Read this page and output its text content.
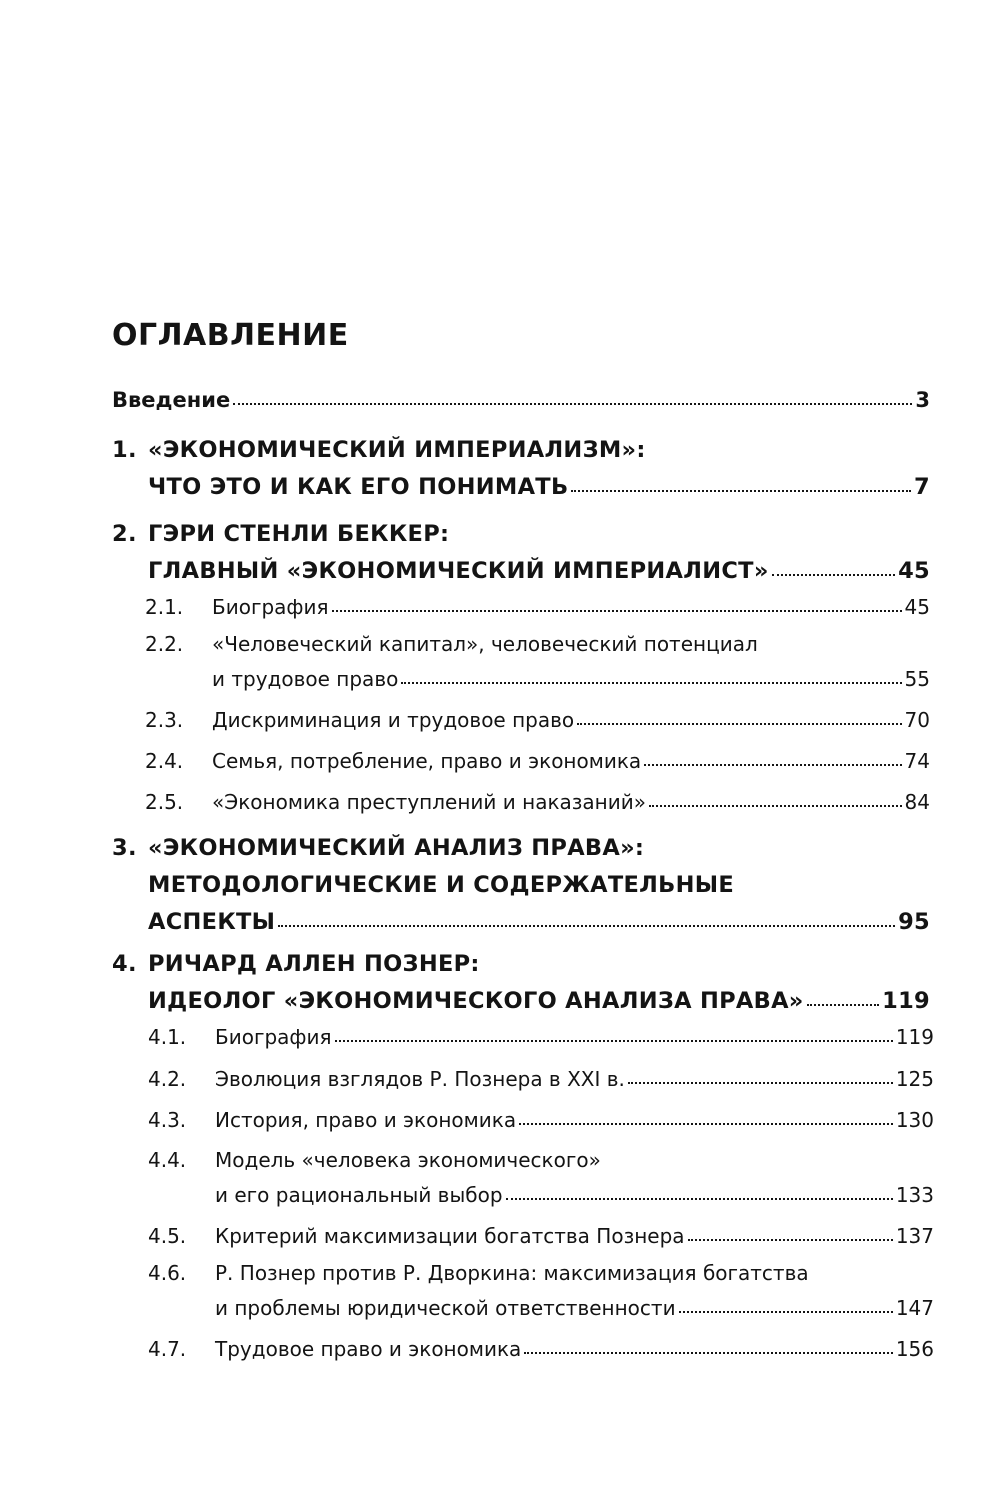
ОГЛАВЛЕНИЕ
Введение	3
1. «ЭКОНОМИЧЕСКИЙ ИМПЕРИАЛИЗМ»:
ЧТО ЭТО И КАК ЕГО ПОНИМАТЬ	7
2. ГЭРИ СТЕНЛИ БЕККЕР:
ГЛАВНЫЙ «ЭКОНОМИЧЕСКИЙ ИМПЕРИАЛИСТ»	45
2.1. Биография	45
2.2. «Человеческий капитал», человеческий потенциал
и трудовое право	55
2.3. Дискриминация и трудовое право	70
2.4. Семья, потребление, право и экономика	74
2.5. «Экономика преступлений и наказаний»	84
3. «ЭКОНОМИЧЕСКИЙ АНАЛИЗ ПРАВА»:
МЕТОДОЛОГИЧЕСКИЕ И СОДЕРЖАТЕЛЬНЫЕ
АСПЕКТЫ	95
4. РИЧАРД АЛЛЕН ПОЗНЕР:
ИДЕОЛОГ «ЭКОНОМИЧЕСКОГО АНАЛИЗА ПРАВА»	119
4.1. Биография	119
4.2. Эволюция взглядов Р. Познера в XXI в.	125
4.3. История, право и экономика	130
4.4. Модель «человека экономического»
и его рациональный выбор	133
4.5. Критерий максимизации богатства Познера	137
4.6. Р. Познер против Р. Дворкина: максимизация богатства
и проблемы юридической ответственности	147
4.7. Трудовое право и экономика	156
